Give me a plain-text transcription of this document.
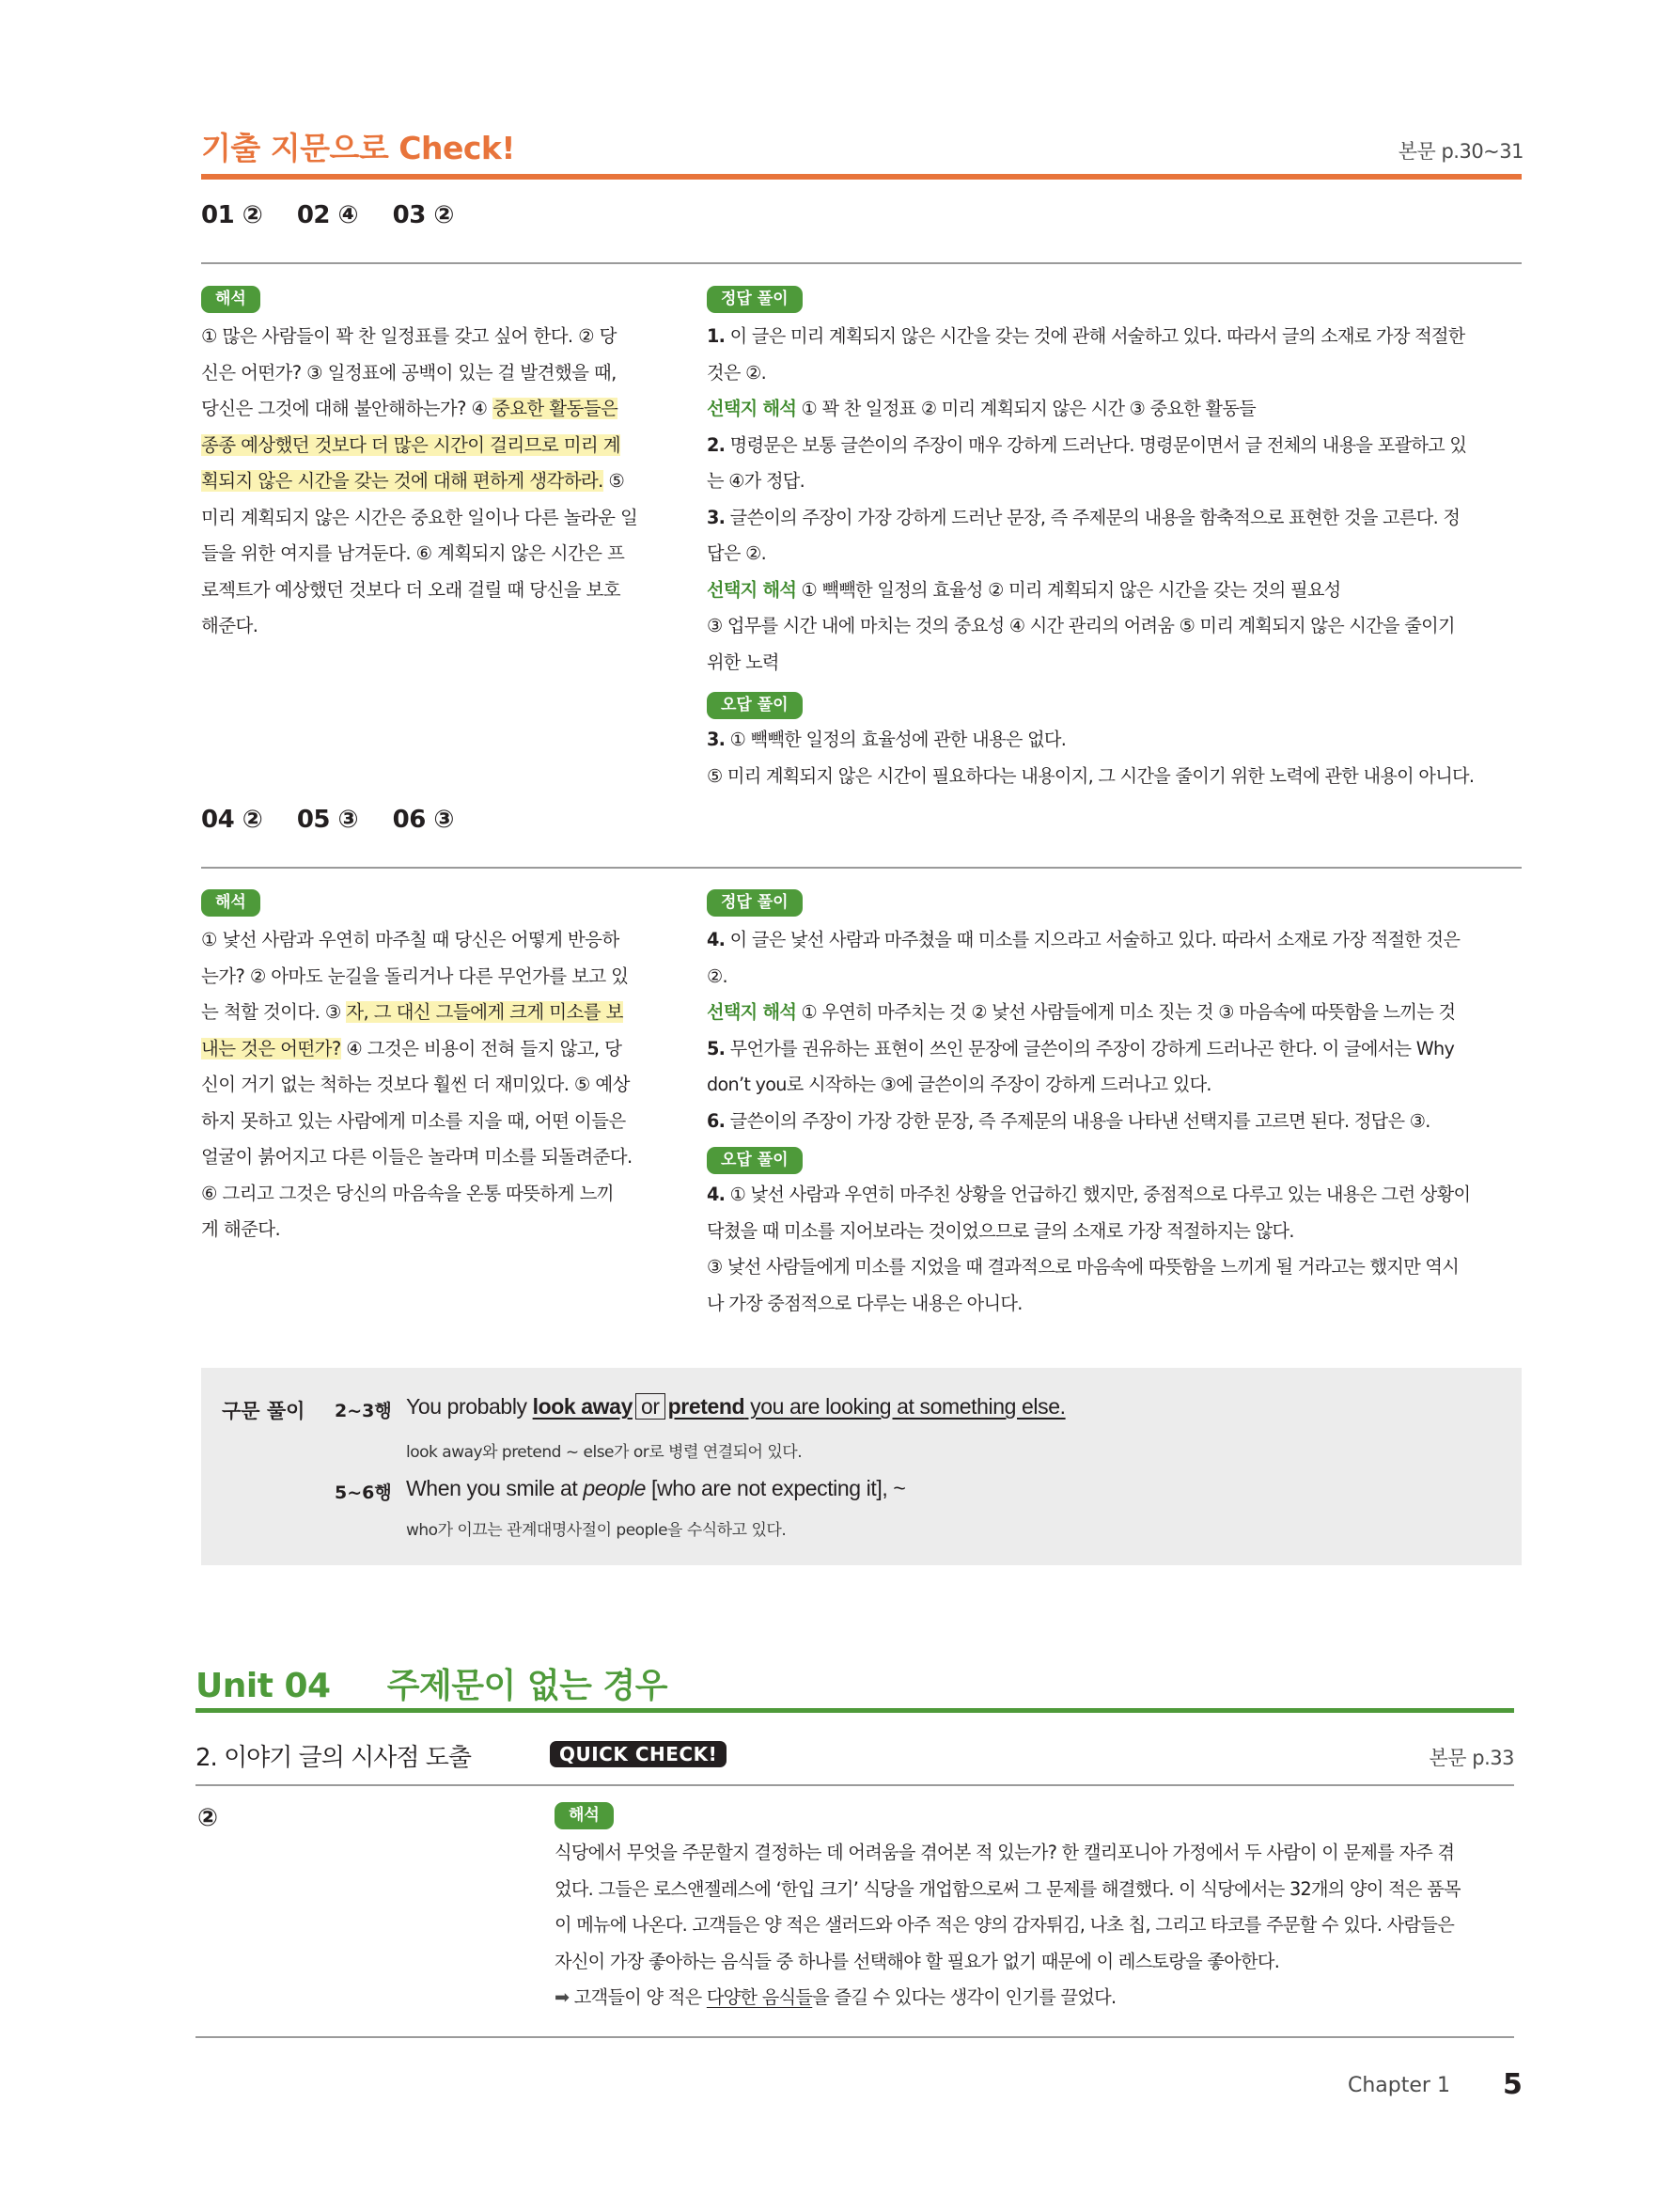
기출 지문으로 Check!	본문 p.30~31
01 ② 02 ④ 03 ②
해석

① 많은 사람들이 꽉 찬 일정표를 갖고 싶어 한다. ② 당

신은 어떤가? ③ 일정표에 공백이 있는 걸 발견했을 때,

당신은 그것에 대해 불안해하는가? ④ 중요한 활동들은

종종 예상했던 것보다 더 많은 시간이 걸리므로 미리 계

획되지 않은 시간을 갖는 것에 대해 편하게 생각하라. ⑤

미리 계획되지 않은 시간은 중요한 일이나 다른 놀라운 일

들을 위한 여지를 남겨둔다. ⑥ 계획되지 않은 시간은 프

로젝트가 예상했던 것보다 더 오래 걸릴 때 당신을 보호

해준다.

정답 풀이

1. 이 글은 미리 계획되지 않은 시간을 갖는 것에 관해 서술하고 있다. 따라서 글의 소재로 가장 적절한

것은 ②.

선택지 해석 ① 꽉 찬 일정표 ② 미리 계획되지 않은 시간 ③ 중요한 활동들

2. 명령문은 보통 글쓴이의 주장이 매우 강하게 드러난다. 명령문이면서 글 전체의 내용을 포괄하고 있

는 ④가 정답.

3. 글쓴이의 주장이 가장 강하게 드러난 문장, 즉 주제문의 내용을 함축적으로 표현한 것을 고른다. 정

답은 ②.

선택지 해석 ① 빽빽한 일정의 효율성 ② 미리 계획되지 않은 시간을 갖는 것의 필요성

③ 업무를 시간 내에 마치는 것의 중요성 ④ 시간 관리의 어려움 ⑤ 미리 계획되지 않은 시간을 줄이기

위한 노력

오답 풀이

3. ① 빽빽한 일정의 효율성에 관한 내용은 없다.

⑤ 미리 계획되지 않은 시간이 필요하다는 내용이지, 그 시간을 줄이기 위한 노력에 관한 내용이 아니다.

04 ② 05 ③ 06 ③
해석

① 낯선 사람과 우연히 마주칠 때 당신은 어떻게 반응하

는가? ② 아마도 눈길을 돌리거나 다른 무언가를 보고 있

는 척할 것이다. ③ 자, 그 대신 그들에게 크게 미소를 보

내는 것은 어떤가? ④ 그것은 비용이 전혀 들지 않고, 당

신이 거기 없는 척하는 것보다 훨씬 더 재미있다. ⑤ 예상

하지 못하고 있는 사람에게 미소를 지을 때, 어떤 이들은

얼굴이 붉어지고 다른 이들은 놀라며 미소를 되돌려준다.

⑥ 그리고 그것은 당신의 마음속을 온통 따뜻하게 느끼

게 해준다.

정답 풀이

4. 이 글은 낯선 사람과 마주쳤을 때 미소를 지으라고 서술하고 있다. 따라서 소재로 가장 적절한 것은

②.

선택지 해석 ① 우연히 마주치는 것 ② 낯선 사람들에게 미소 짓는 것 ③ 마음속에 따뜻함을 느끼는 것

5. 무언가를 권유하는 표현이 쓰인 문장에 글쓴이의 주장이 강하게 드러나곤 한다. 이 글에서는 Why

don’t you로 시작하는 ③에 글쓴이의 주장이 강하게 드러나고 있다.

6. 글쓴이의 주장이 가장 강한 문장, 즉 주제문의 내용을 나타낸 선택지를 고르면 된다. 정답은 ③.

오답 풀이

4. ① 낯선 사람과 우연히 마주친 상황을 언급하긴 했지만, 중점적으로 다루고 있는 내용은 그런 상황이

닥쳤을 때 미소를 지어보라는 것이었으므로 글의 소재로 가장 적절하지는 않다.

③ 낯선 사람들에게 미소를 지었을 때 결과적으로 마음속에 따뜻함을 느끼게 될 거라고는 했지만 역시

나 가장 중점적으로 다루는 내용은 아니다.

구문 풀이 2~3행 You probably look away or pretend you are looking at something else.
look away와 pretend ~ else가 or로 병렬 연결되어 있다.
5~6행 When you smile at people [who are not expecting it], ~
who가 이끄는 관계대명사절이 people을 수식하고 있다.
Unit 04     주제문이 없는 경우
2. 이야기 글의 시사점 도출	QUICK CHECK!	본문 p.33
②	해석

식당에서 무엇을 주문할지 결정하는 데 어려움을 겪어본 적 있는가? 한 캘리포니아 가정에서 두 사람이 이 문제를 자주 겪

었다. 그들은 로스앤젤레스에 ‘한입 크기’ 식당을 개업함으로써 그 문제를 해결했다. 이 식당에서는 32개의 양이 적은 품목

이 메뉴에 나온다. 고객들은 양 적은 샐러드와 아주 적은 양의 감자튀김, 나초 칩, 그리고 타코를 주문할 수 있다. 사람들은

자신이 가장 좋아하는 음식들 중 하나를 선택해야 할 필요가 없기 때문에 이 레스토랑을 좋아한다.

➡ 고객들이 양 적은 다양한 음식들을 즐길 수 있다는 생각이 인기를 끌었다.

Chapter 1 5
